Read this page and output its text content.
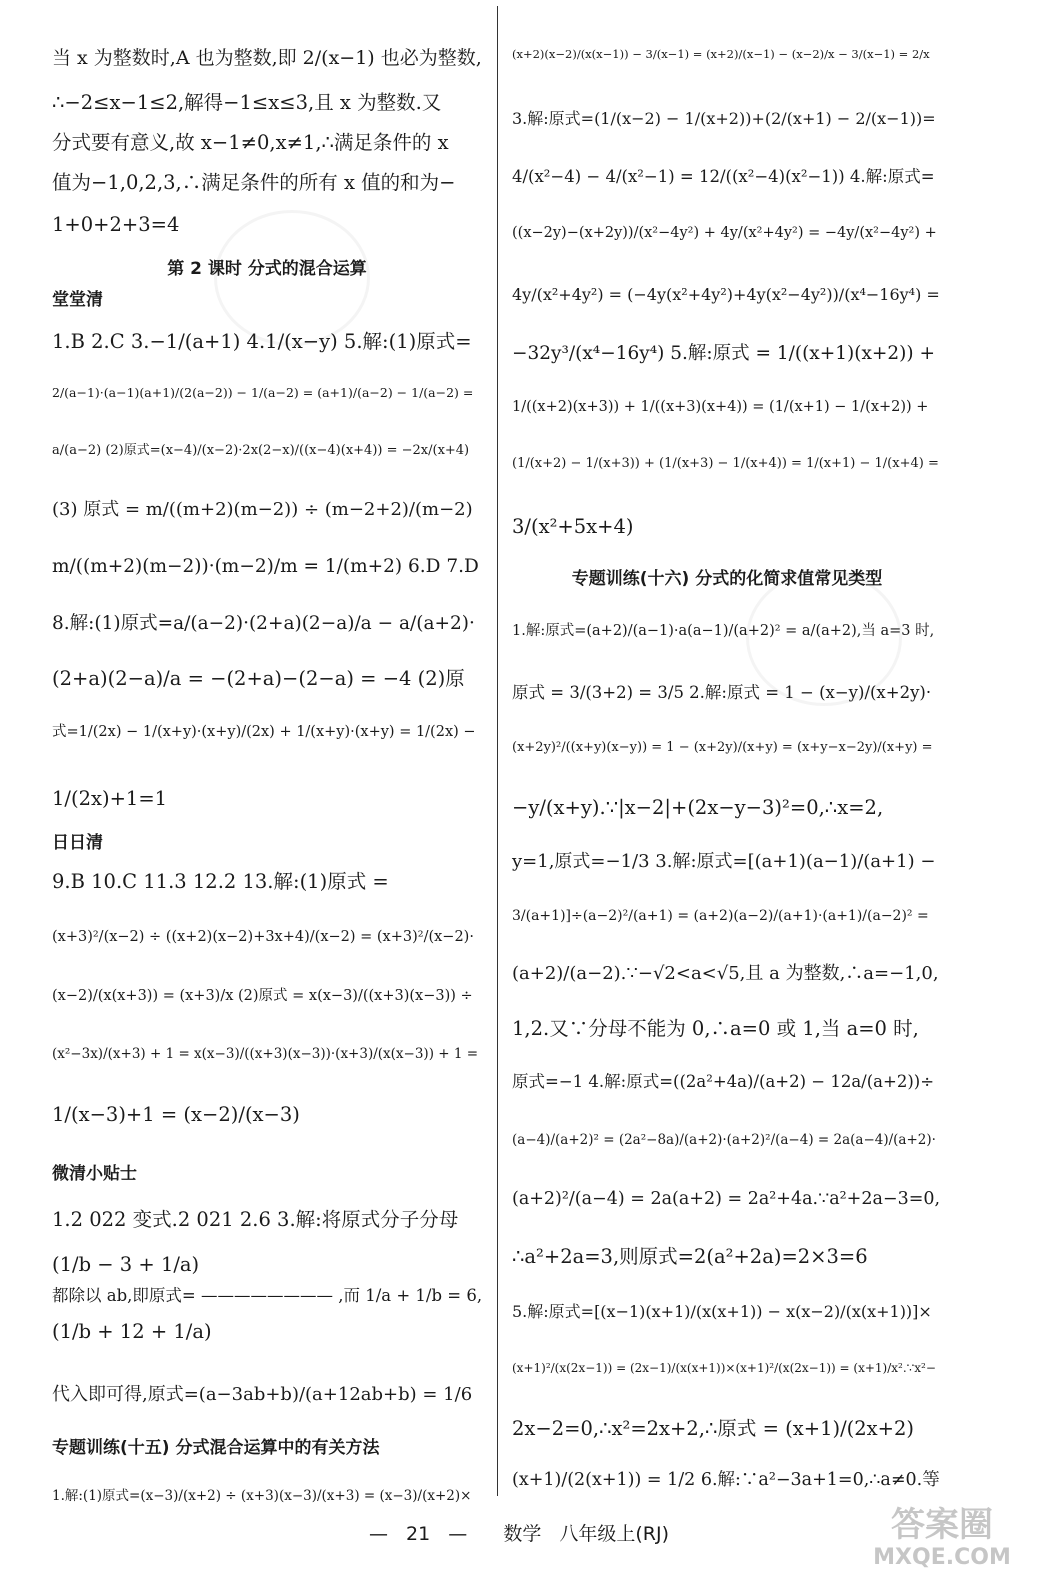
当 x 为整数时,A 也为整数,即 2/(x−1) 也必为整数,
∴−2≤x−1≤2,解得−1≤x≤3,且 x 为整数.又
分式要有意义,故 x−1≠0,x≠1,∴满足条件的 x
值为−1,0,2,3,∴满足条件的所有 x 值的和为−
1+0+2+3=4
第 2 课时 分式的混合运算
堂堂清
1.B 2.C 3.−1/(a+1) 4.1/(x−y) 5.解:(1)原式=
2/(a−1)·(a−1)(a+1)/(2(a−2)) − 1/(a−2) = (a+1)/(a−2) − 1/(a−2) =
a/(a−2) (2)原式=(x−4)/(x−2)·2x(2−x)/((x−4)(x+4)) = −2x/(x+4)
(3) 原式 = m/((m+2)(m−2)) ÷ (m−2+2)/(m−2)
m/((m+2)(m−2))·(m−2)/m = 1/(m+2) 6.D 7.D
8.解:(1)原式=a/(a−2)·(2+a)(2−a)/a − a/(a+2)·
(2+a)(2−a)/a = −(2+a)−(2−a) = −4 (2)原
式=1/(2x) − 1/(x+y)·(x+y)/(2x) + 1/(x+y)·(x+y) = 1/(2x) −
1/(2x)+1=1
日日清
9.B 10.C 11.3 12.2 13.解:(1)原式 =
(x+3)²/(x−2) ÷ ((x+2)(x−2)+3x+4)/(x−2) = (x+3)²/(x−2)·
(x−2)/(x(x+3)) = (x+3)/x (2)原式 = x(x−3)/((x+3)(x−3)) ÷
(x²−3x)/(x+3) + 1 = x(x−3)/((x+3)(x−3))·(x+3)/(x(x−3)) + 1 =
1/(x−3)+1 = (x−2)/(x−3)
微清小贴士
1.2 022 变式.2 021 2.6 3.解:将原式分子分母
(1/b − 3 + 1/a)
都除以 ab,即原式= ———————— ,而 1/a + 1/b = 6,
(1/b + 12 + 1/a)
代入即可得,原式=(a−3ab+b)/(a+12ab+b) = 1/6
专题训练(十五) 分式混合运算中的有关方法
1.解:(1)原式=(x−3)/(x+2) ÷ (x+3)(x−3)/(x+3) = (x−3)/(x+2)×
(x+2)(x−2)/(x(x−1)) − 3/(x−1) = (x+2)/(x−1) − (x−2)/x − 3/(x−1) = 2/x
3.解:原式=(1/(x−2) − 1/(x+2))+(2/(x+1) − 2/(x−1))=
4/(x²−4) − 4/(x²−1) = 12/((x²−4)(x²−1)) 4.解:原式=
((x−2y)−(x+2y))/(x²−4y²) + 4y/(x²+4y²) = −4y/(x²−4y²) +
4y/(x²+4y²) = (−4y(x²+4y²)+4y(x²−4y²))/(x⁴−16y⁴) =
−32y³/(x⁴−16y⁴) 5.解:原式 = 1/((x+1)(x+2)) +
1/((x+2)(x+3)) + 1/((x+3)(x+4)) = (1/(x+1) − 1/(x+2)) +
(1/(x+2) − 1/(x+3)) + (1/(x+3) − 1/(x+4)) = 1/(x+1) − 1/(x+4) =
3/(x²+5x+4)
专题训练(十六) 分式的化简求值常见类型
1.解:原式=(a+2)/(a−1)·a(a−1)/(a+2)² = a/(a+2),当 a=3 时,
原式 = 3/(3+2) = 3/5 2.解:原式 = 1 − (x−y)/(x+2y)·
(x+2y)²/((x+y)(x−y)) = 1 − (x+2y)/(x+y) = (x+y−x−2y)/(x+y) =
−y/(x+y).∵|x−2|+(2x−y−3)²=0,∴x=2,
y=1,原式=−1/3 3.解:原式=[(a+1)(a−1)/(a+1) −
3/(a+1)]÷(a−2)²/(a+1) = (a+2)(a−2)/(a+1)·(a+1)/(a−2)² =
(a+2)/(a−2).∵−√2<a<√5,且 a 为整数,∴a=−1,0,
1,2.又∵分母不能为 0,∴a=0 或 1,当 a=0 时,
原式=−1 4.解:原式=((2a²+4a)/(a+2) − 12a/(a+2))÷
(a−4)/(a+2)² = (2a²−8a)/(a+2)·(a+2)²/(a−4) = 2a(a−4)/(a+2)·
(a+2)²/(a−4) = 2a(a+2) = 2a²+4a.∵a²+2a−3=0,
∴a²+2a=3,则原式=2(a²+2a)=2×3=6
5.解:原式=[(x−1)(x+1)/(x(x+1)) − x(x−2)/(x(x+1))]×
(x+1)²/(x(2x−1)) = (2x−1)/(x(x+1))×(x+1)²/(x(2x−1)) = (x+1)/x².∵x²−
2x−2=0,∴x²=2x+2,∴原式 = (x+1)/(2x+2)
(x+1)/(2(x+1)) = 1/2 6.解:∵a²−3a+1=0,∴a≠0.等
— 21 — 数学 八年级上(RJ)	答案圈
MXQE.COM
